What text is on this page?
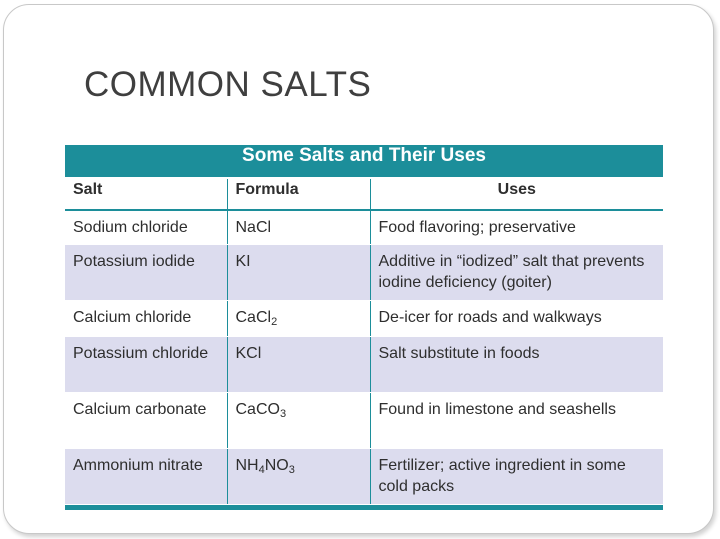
COMMON SALTS
Some Salts and Their Uses		
Salt	Formula	Uses
Sodium chloride	NaCl	Food flavoring; preservative
Potassium iodide	KI	Additive in “iodized” salt that prevents iodine deficiency (goiter)
Calcium chloride	CaCl$_2$	De-icer for roads and walkways
Potassium chloride	KCl	Salt substitute in foods
Calcium carbonate	CaCO$_3$	Found in limestone and seashells
Ammonium nitrate	$NH_4NO_3$	Fertilizer; active ingredient in some cold packs
